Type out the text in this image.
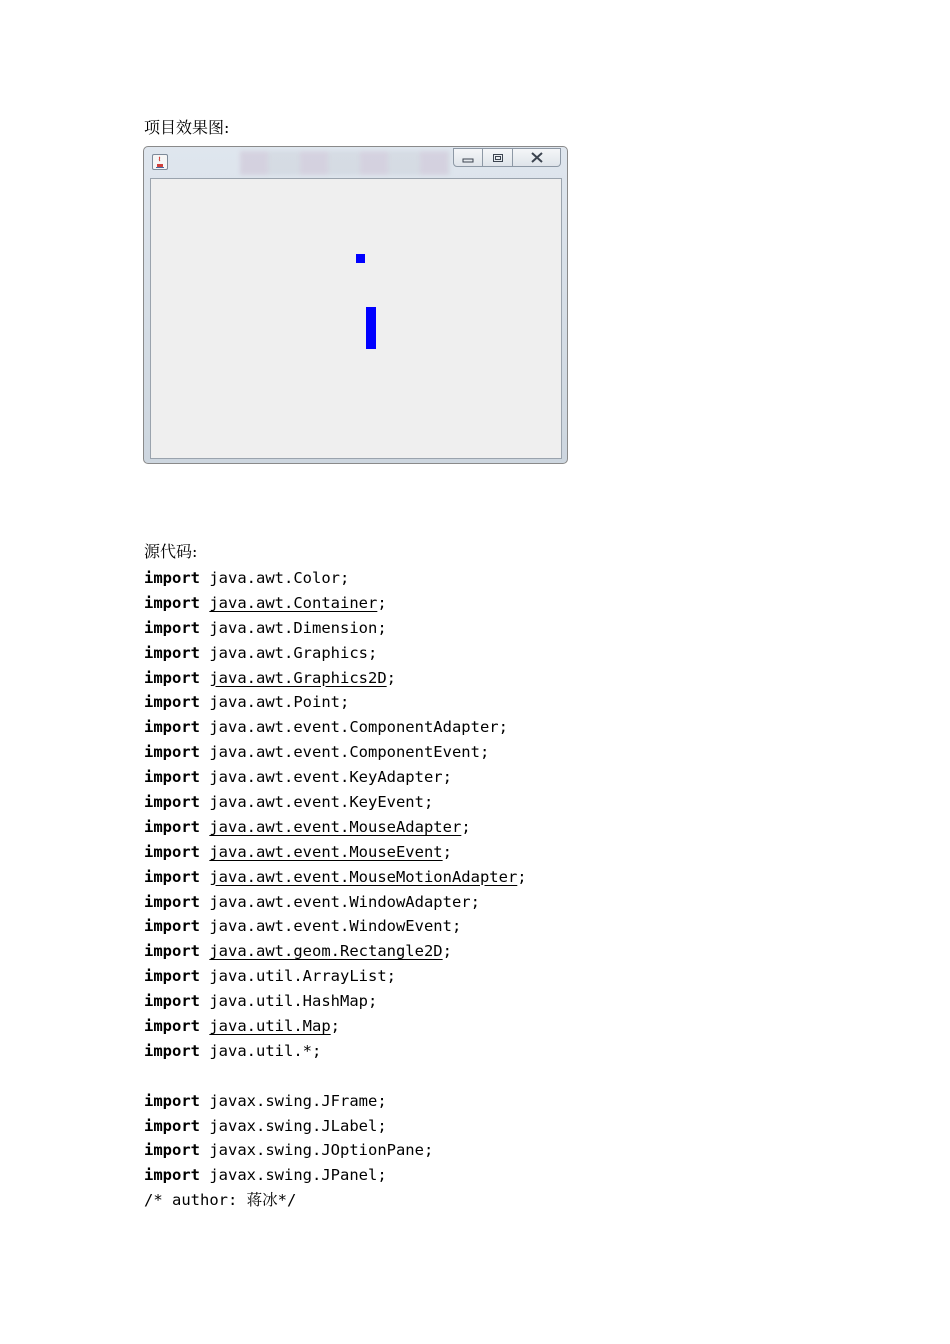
项目效果图:
源代码:
import java.awt.Color;
import java.awt.Container;
import java.awt.Dimension;
import java.awt.Graphics;
import java.awt.Graphics2D;
import java.awt.Point;
import java.awt.event.ComponentAdapter;
import java.awt.event.ComponentEvent;
import java.awt.event.KeyAdapter;
import java.awt.event.KeyEvent;
import java.awt.event.MouseAdapter;
import java.awt.event.MouseEvent;
import java.awt.event.MouseMotionAdapter;
import java.awt.event.WindowAdapter;
import java.awt.event.WindowEvent;
import java.awt.geom.Rectangle2D;
import java.util.ArrayList;
import java.util.HashMap;
import java.util.Map;
import java.util.*;
import javax.swing.JFrame;
import javax.swing.JLabel;
import javax.swing.JOptionPane;
import javax.swing.JPanel;
/* author: 蒋冰*/
